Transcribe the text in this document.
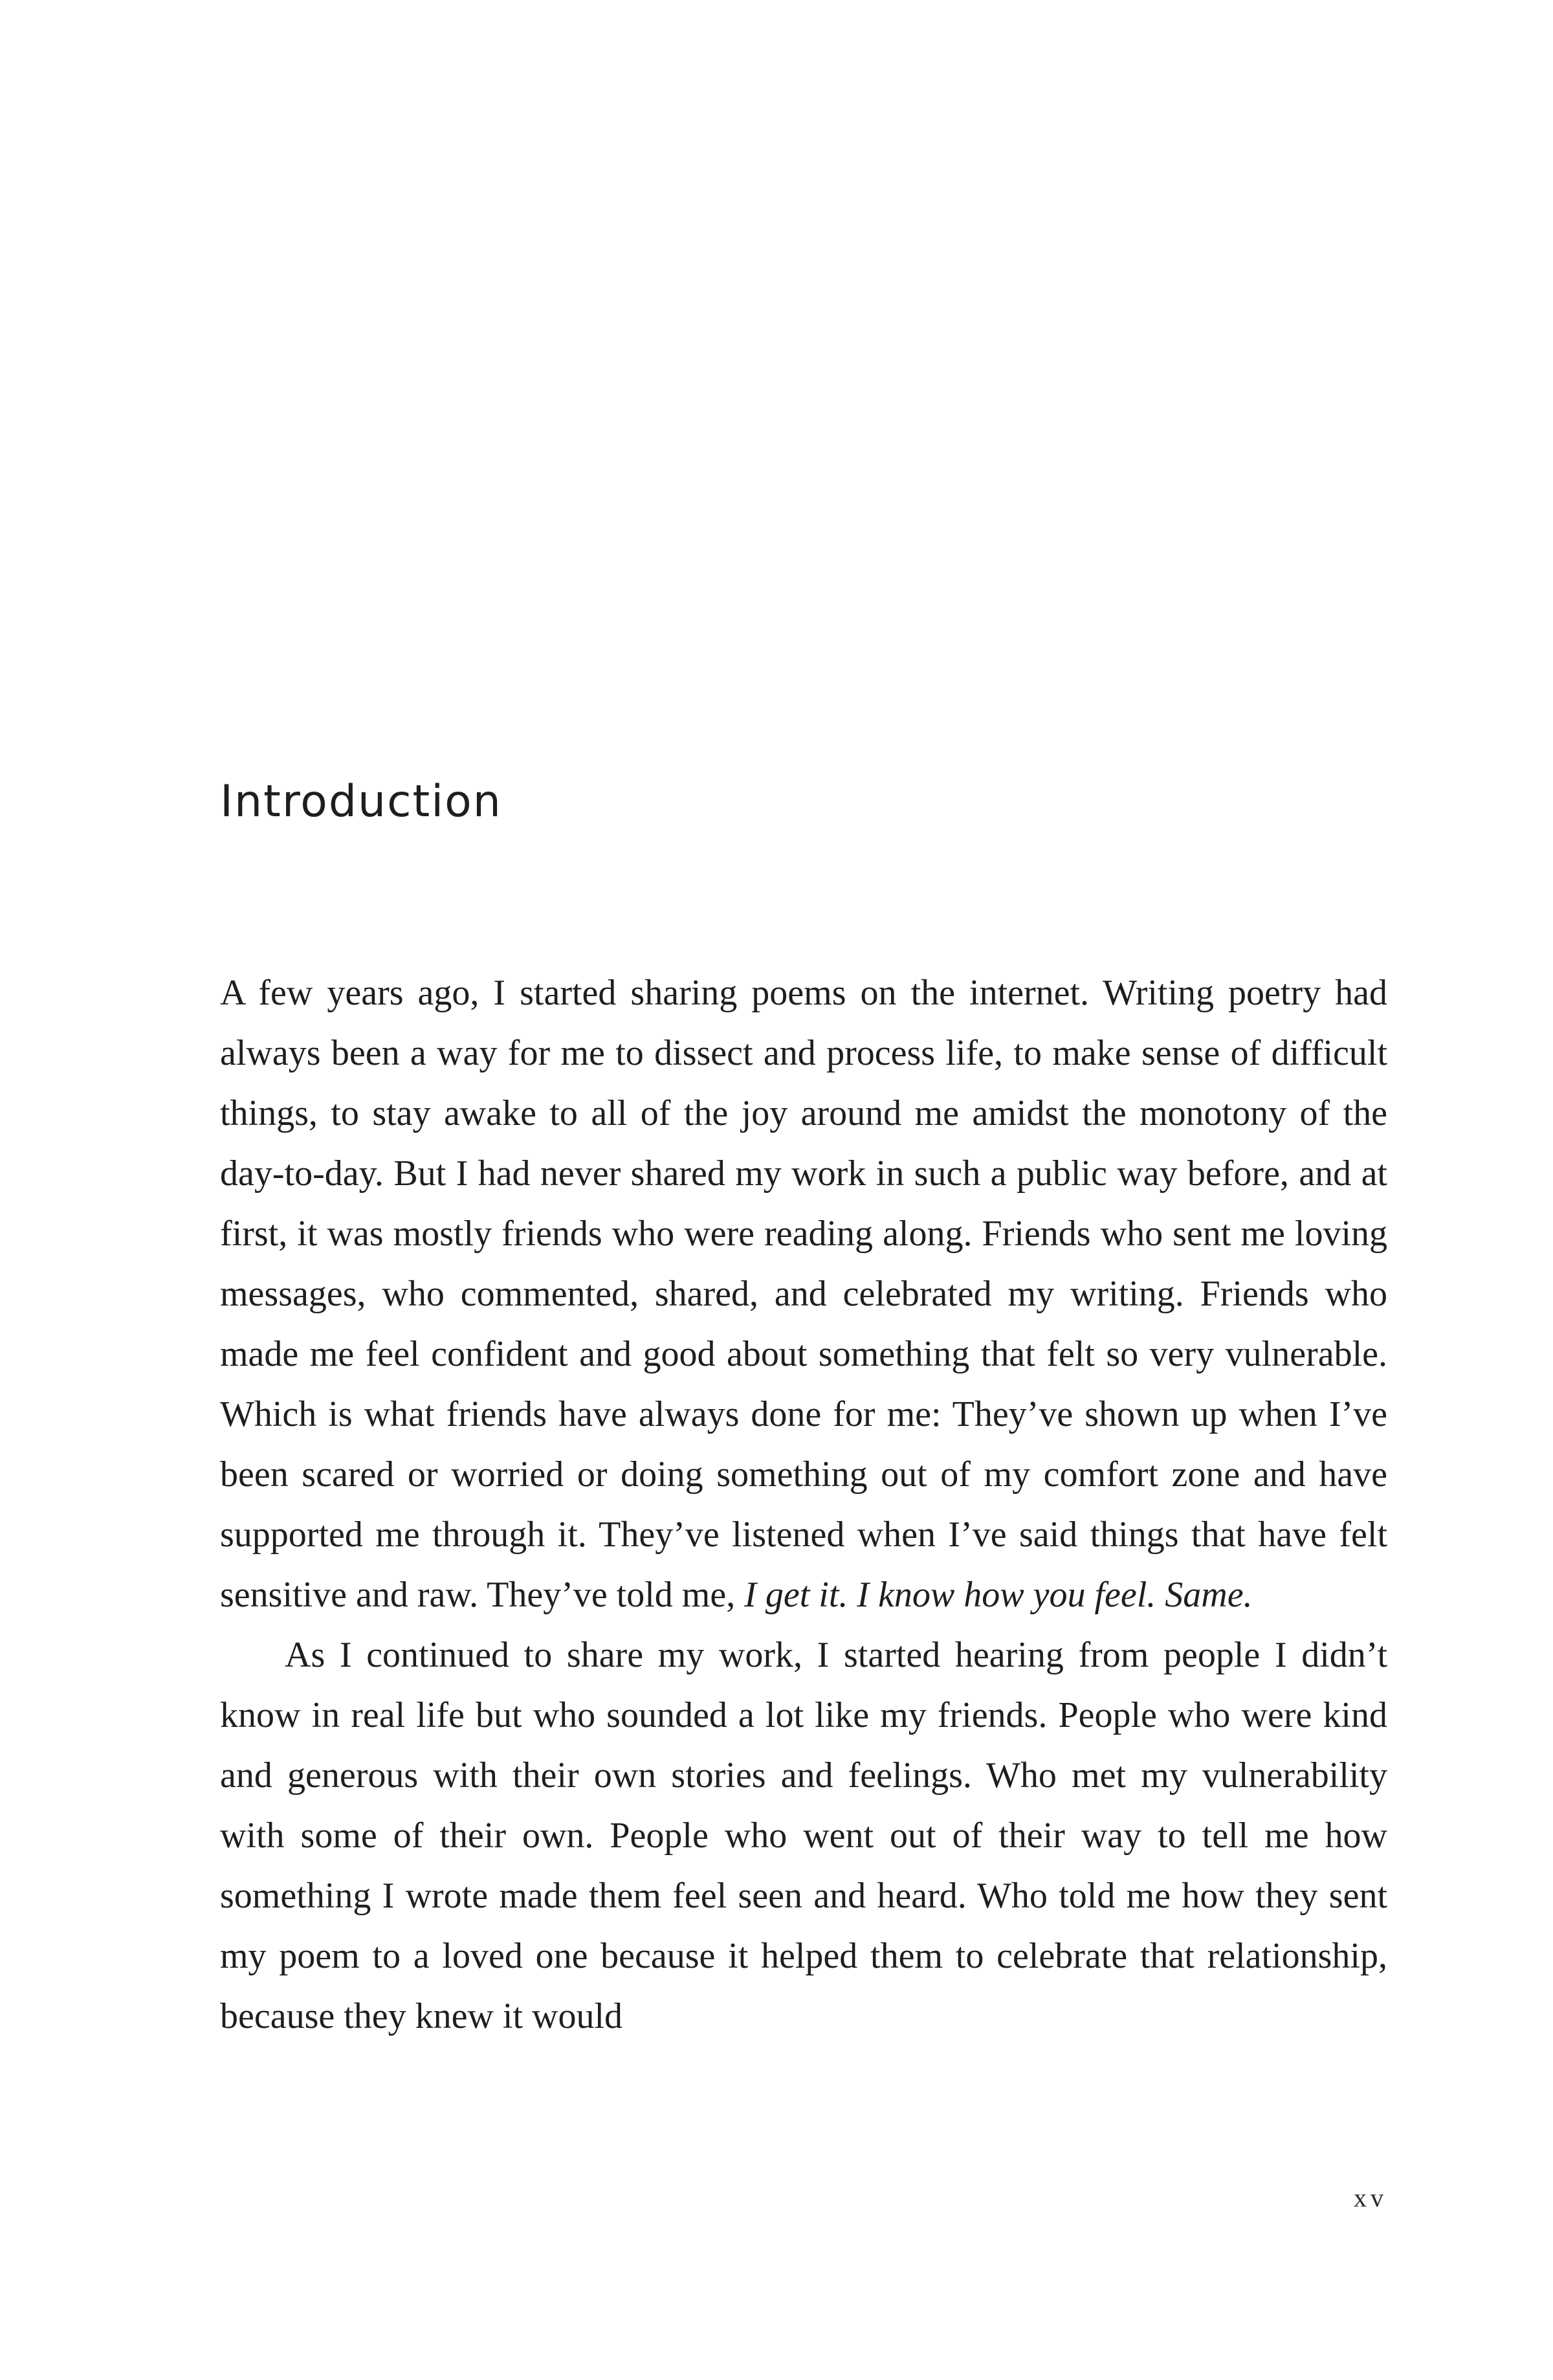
Introduction

A few years ago, I started sharing poems on the internet. Writing poetry had always been a way for me to dissect and process life, to make sense of difficult things, to stay awake to all of the joy around me amidst the monotony of the day-to-day. But I had never shared my work in such a public way before, and at first, it was mostly friends who were reading along. Friends who sent me loving messages, who commented, shared, and celebrated my writing. Friends who made me feel confident and good about something that felt so very vulnerable. Which is what friends have always done for me: They’ve shown up when I’ve been scared or worried or doing something out of my comfort zone and have supported me through it. They’ve listened when I’ve said things that have felt sensitive and raw. They’ve told me, I get it. I know how you feel. Same.

As I continued to share my work, I started hearing from people I didn’t know in real life but who sounded a lot like my friends. People who were kind and generous with their own stories and feelings. Who met my vulnerability with some of their own. People who went out of their way to tell me how something I wrote made them feel seen and heard. Who told me how they sent my poem to a loved one because it helped them to celebrate that relationship, because they knew it would

xv
